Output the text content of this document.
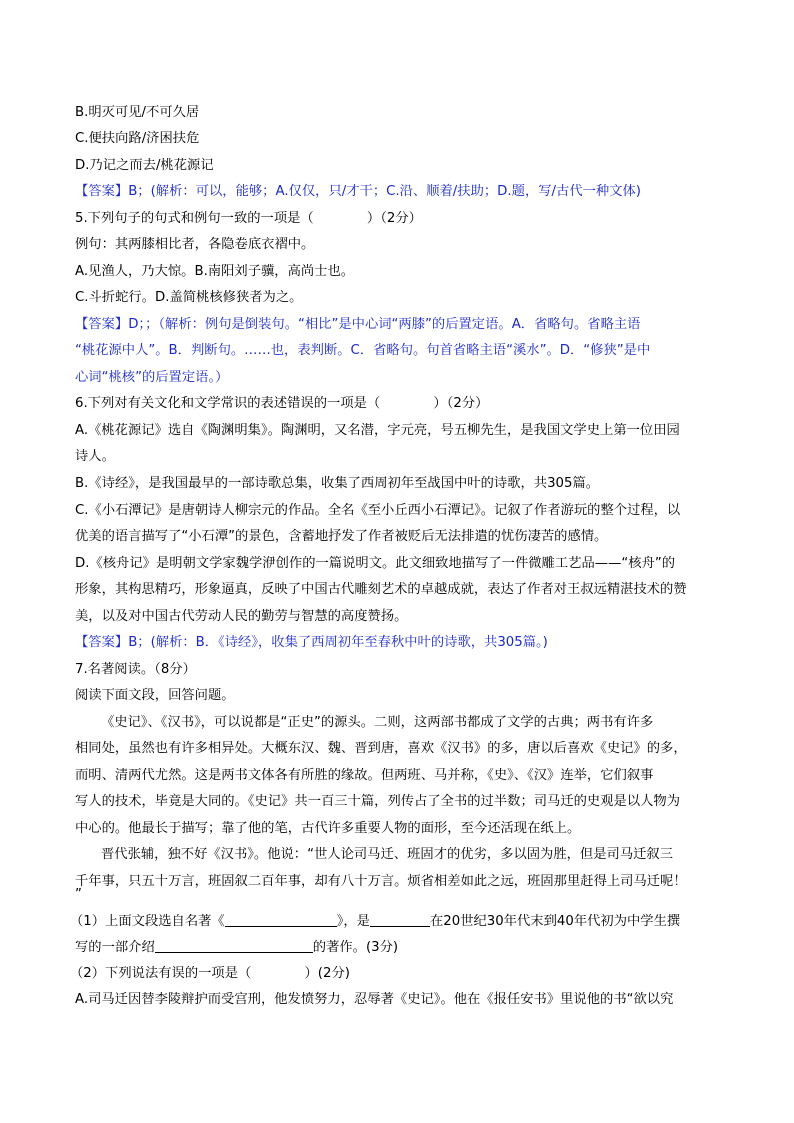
B.明灭可见/不可久居
C.便扶向路/济困扶危
D.乃记之而去/桃花源记
【答案】B；(解析：可以，能够；A.仅仅，只/才干；C.沿、顺着/扶助；D.题，写/古代一种文体)
5.下列句子的句式和例句一致的一项是（　　　　）（2分）
例句：其两膝相比者，各隐卷底衣褶中。
A.见渔人，乃大惊。B.南阳刘子骥，高尚士也。
C.斗折蛇行。D.盖简桃核修狭者为之。
【答案】D；；（解析：例句是倒装句。“相比”是中心词“两膝”的后置定语。A．省略句。省略主语
“桃花源中人”。B．判断句。……也，表判断。C．省略句。句首省略主语“溪水”。D．“修狭”是中
心词“桃核”的后置定语。）
6.下列对有关文化和文学常识的表述错误的一项是（　　　　）（2分）
A.《桃花源记》选自《陶渊明集》。陶渊明，又名潜，字元亮，号五柳先生，是我国文学史上第一位田园
诗人。
B.《诗经》，是我国最早的一部诗歌总集，收集了西周初年至战国中叶的诗歌，共305篇。
C.《小石潭记》是唐朝诗人柳宗元的作品。全名《至小丘西小石潭记》。记叙了作者游玩的整个过程，以
优美的语言描写了“小石潭”的景色，含蓄地抒发了作者被贬后无法排遣的忧伤凄苦的感情。
D.《核舟记》是明朝文学家魏学洢创作的一篇说明文。此文细致地描写了一件微雕工艺品——“核舟”的
形象，其构思精巧，形象逼真，反映了中国古代雕刻艺术的卓越成就，表达了作者对王叔远精湛技术的赞
美，以及对中国古代劳动人民的勤劳与智慧的高度赞扬。
【答案】B；(解析：B．《诗经》，收集了西周初年至春秋中叶的诗歌，共305篇。)
7.名著阅读。（8分）
阅读下面文段，回答问题。
《史记》、《汉书》，可以说都是“正史”的源头。二则，这两部书都成了文学的古典；两书有许多
相同处，虽然也有许多相异处。大概东汉、魏、晋到唐，喜欢《汉书》的多，唐以后喜欢《史记》的多，
而明、清两代尤然。这是两书文体各有所胜的缘故。但两班、马并称，《史》、《汉》连举，它们叙事
写人的技术，毕竟是大同的。《史记》共一百三十篇，列传占了全书的过半数；司马迁的史观是以人物为
中心的。他最长于描写；靠了他的笔，古代许多重要人物的面形，至今还活现在纸上。
晋代张辅，独不好《汉书》。他说：“世人论司马迁、班固才的优劣，多以固为胜，但是司马迁叙三
千年事，只五十万言，班固叙二百年事，却有八十万言。烦省相差如此之远，班固那里赶得上司马迁呢！
”
（1）上面文段选自名著《	》，是	在20世纪30年代末到40年代初为中学生撰
写的一部介绍	的著作。(3分)
（2）下列说法有误的一项是（　　　　）(2分)
A.司马迁因替李陵辩护而受宫刑，他发愤努力，忍辱著《史记》。他在《报任安书》里说他的书“欲以究
